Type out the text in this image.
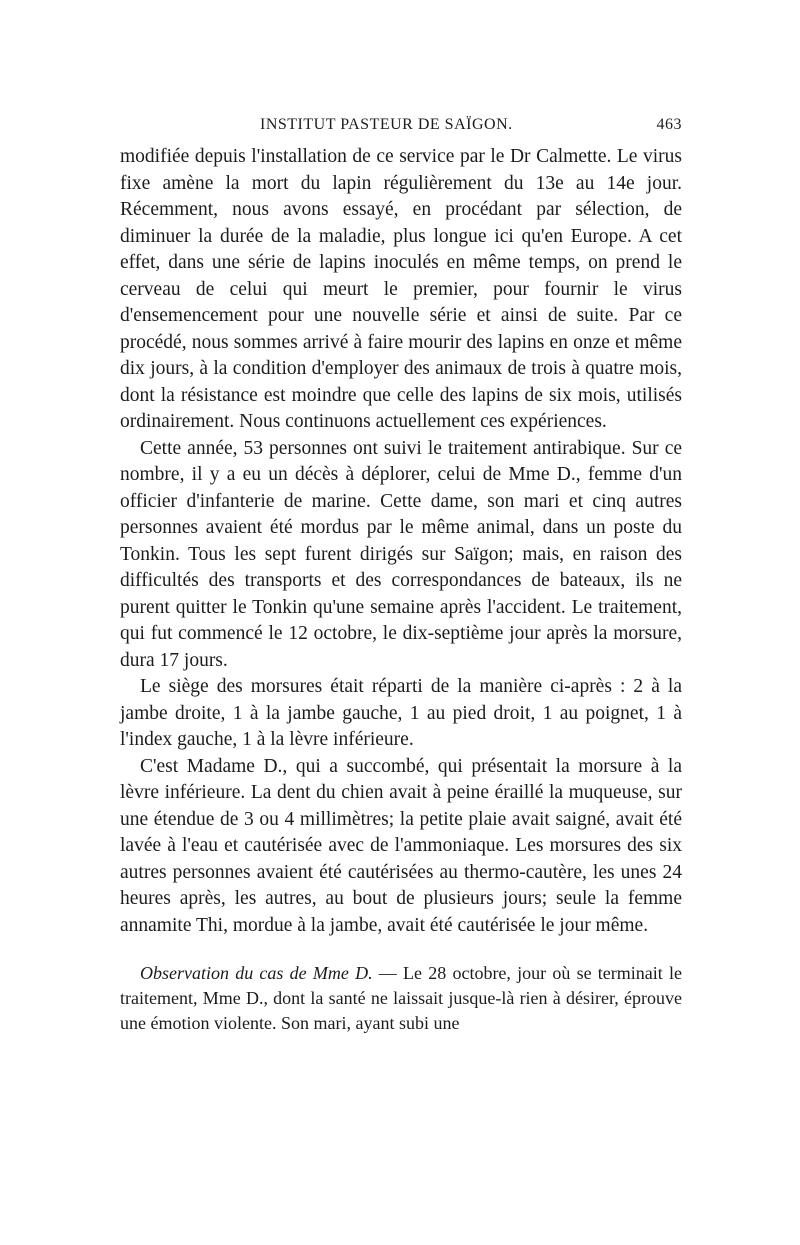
INSTITUT PASTEUR DE SAÏGON.	463

modifiée depuis l'installation de ce service par le Dr Calmette. Le virus fixe amène la mort du lapin régulièrement du 13e au 14e jour. Récemment, nous avons essayé, en procédant par sélection, de diminuer la durée de la maladie, plus longue ici qu'en Europe. A cet effet, dans une série de lapins inoculés en même temps, on prend le cerveau de celui qui meurt le premier, pour fournir le virus d'ensemencement pour une nouvelle série et ainsi de suite. Par ce procédé, nous sommes arrivé à faire mourir des lapins en onze et même dix jours, à la condition d'employer des animaux de trois à quatre mois, dont la résistance est moindre que celle des lapins de six mois, utilisés ordinairement. Nous continuons actuellement ces expériences.

Cette année, 53 personnes ont suivi le traitement antirabique. Sur ce nombre, il y a eu un décès à déplorer, celui de Mme D., femme d'un officier d'infanterie de marine. Cette dame, son mari et cinq autres personnes avaient été mordus par le même animal, dans un poste du Tonkin. Tous les sept furent dirigés sur Saïgon; mais, en raison des difficultés des transports et des correspondances de bateaux, ils ne purent quitter le Tonkin qu'une semaine après l'accident. Le traitement, qui fut commencé le 12 octobre, le dix-septième jour après la morsure, dura 17 jours.

Le siège des morsures était réparti de la manière ci-après : 2 à la jambe droite, 1 à la jambe gauche, 1 au pied droit, 1 au poignet, 1 à l'index gauche, 1 à la lèvre inférieure.

C'est Madame D., qui a succombé, qui présentait la morsure à la lèvre inférieure. La dent du chien avait à peine éraillé la muqueuse, sur une étendue de 3 ou 4 millimètres; la petite plaie avait saigné, avait été lavée à l'eau et cautérisée avec de l'ammoniaque. Les morsures des six autres personnes avaient été cautérisées au thermo-cautère, les unes 24 heures après, les autres, au bout de plusieurs jours; seule la femme annamite Thi, mordue à la jambe, avait été cautérisée le jour même.

Observation du cas de Mme D. — Le 28 octobre, jour où se terminait le traitement, Mme D., dont la santé ne laissait jusque-là rien à désirer, éprouve une émotion violente. Son mari, ayant subi une
